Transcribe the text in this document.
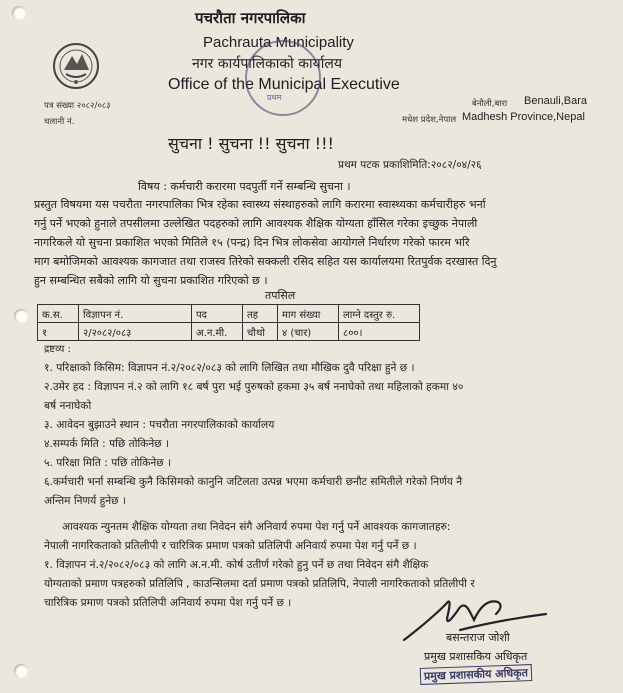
पचरौता नगरपालिका
Pachrauta Municipality
नगर कार्यपालिकाको कार्यालय
Office of the Municipal Executive
प्रथम
पत्र संख्या २०८२/०८३
चलानी नं.
बेनौली,बारा Benauli,Bara
मधेश प्रदेश,नेपाल Madhesh Province,Nepal
सुचना ! सुचना !! सुचना !!!
प्रथम पटक प्रकाशिमिति:२०८२/०४/२६
विषय : कर्मचारी करारमा पदपुर्ती गर्ने सम्बन्धि सुचना ।
प्रस्तुत विषयमा यस पचरौता नगरपालिका भित्र रहेका स्वास्थ्य संस्थाहरुको लागि करारमा स्वास्थ्यका कर्मचारीहरु भर्ना
गर्नु पर्ने भएको हुनाले तपसीलमा उल्लेखित पदहरुको लागि आवश्यक शैक्षिक योग्यता हाँसिल गरेका इच्छुक नेपाली
नागरिकले यो सुचना प्रकाशित भएको मितिले १५ (पन्द्र) दिन भित्र लोकसेवा आयोगले निर्धारण गरेको फारम भरि
माग बमोजिमको आवश्यक कागजात तथा राजस्व तिरेको सक्कली रसिद सहित यस कार्यालयमा रितपुर्वक दरखास्त दिनु
हुन सम्बन्धित सबैको लागि यो सुचना प्रकाशित गरिएको छ ।
तपसिल
क.स.	विज्ञापन नं.	पद	तह	माग संख्या	लाग्ने दस्तुर रु.
१	२/२०८२/०८३	अ.न.मी.	चौथो	४ (चार)	८००।
द्रष्टव्य :
१. परिक्षाको किसिम: विज्ञापन नं.२/२०८२/०८३ को लागि लिखित तथा मौखिक दुवै परिक्षा हुने छ ।
२.उमेर हद : विज्ञापन नं.२ को लागि १८ बर्ष पुरा भई पुरुषको हकमा ३५ बर्ष ननाघेको तथा महिलाको हकमा ४०
बर्ष ननाघेको
३. आवेदन बुझाउने स्थान : पचरौता नगरपालिकाको कार्यालय
४.सम्पर्क मिति : पछि तोकिनेछ ।
५. परिक्षा मिति : पछि तोकिनेछ ।
६.कर्मचारी भर्ना सम्बन्धि कुनै किसिमको कानुनि जटिलता उत्पन्न भएमा कर्मचारी छनौट समितीले गरेको निर्णय नै
अन्तिम निणर्य हुनेछ ।
आवश्यक न्युनतम शैक्षिक योग्यता तथा निवेदन संगै अनिवार्य रुपमा पेश गर्नु पर्ने आवश्यक कागजातहरु:
नेपाली नागरिकताको प्रतिलीपी र चारित्रिक प्रमाण पत्रको प्रतिलिपी अनिवार्य रुपमा पेश गर्नु पर्ने छ ।
१. विज्ञापन नं.२/२०८२/०८३ को लागि अ.न.मी. कोर्ष उतीर्ण गरेको हुनु पर्ने छ तथा निवेदन संगै शैक्षिक
योग्यताको प्रमाण पत्रहरुको प्रतिलिपि , काउन्सिलमा दर्ता प्रमाण पत्रको प्रतिलिपि, नेपाली नागरिकताको प्रतिलीपी र
चारित्रिक प्रमाण पत्रको प्रतिलिपी अनिवार्य रुपमा पेश गर्नु पर्ने छ ।
बसन्तराज जोशी
प्रमुख प्रशासकिय अधिकृत
प्रमुख प्रशासकीय अधिकृत
